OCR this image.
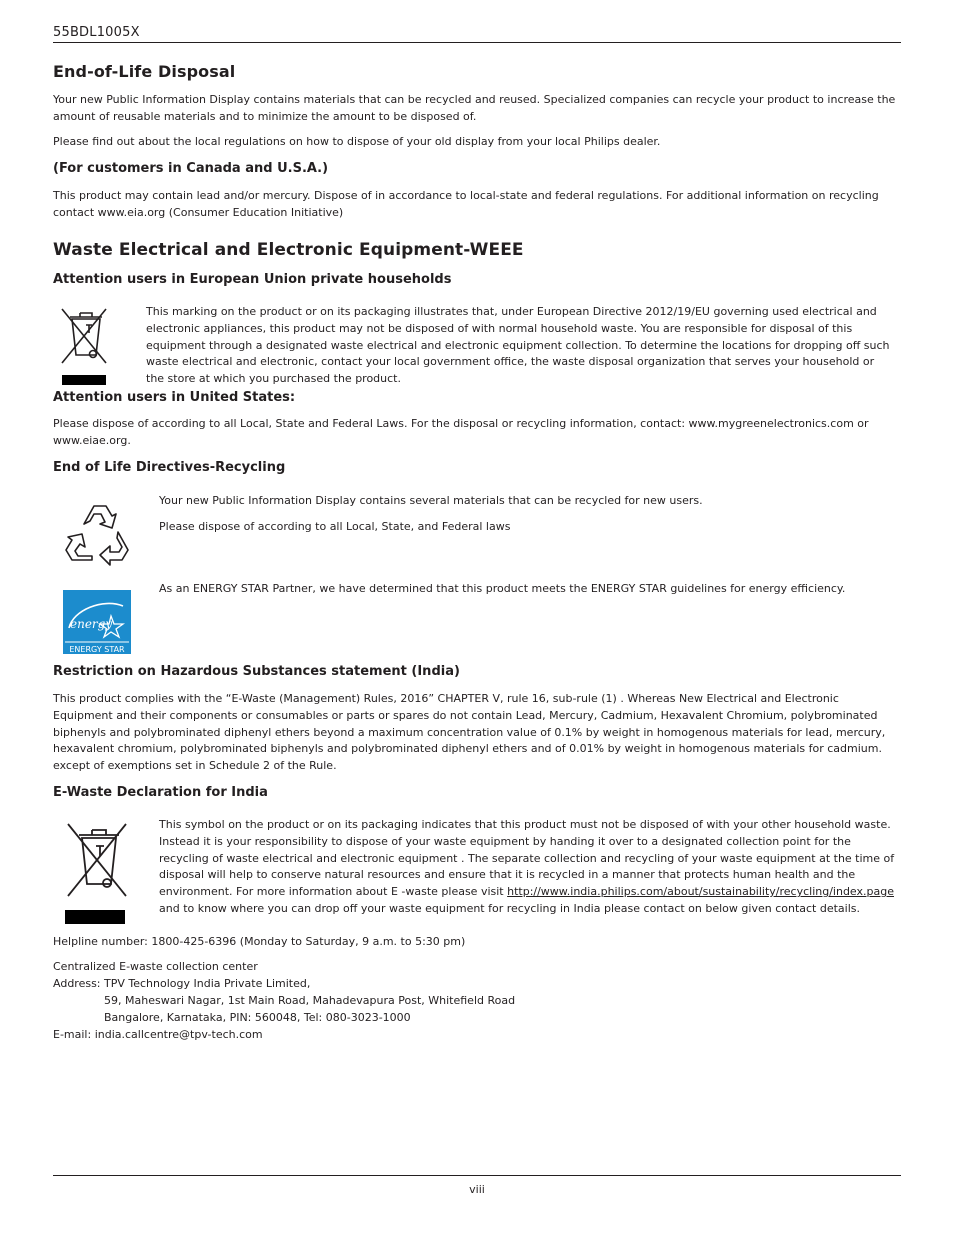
55BDL1005X
End-of-Life Disposal

Your new Public Information Display contains materials that can be recycled and reused. Specialized companies can recycle your product to increase the amount of reusable materials and to minimize the amount to be disposed of.

Please find out about the local regulations on how to dispose of your old display from your local Philips dealer.

(For customers in Canada and U.S.A.)

This product may contain lead and/or mercury. Dispose of in accordance to local-state and federal regulations. For additional information on recycling contact www.eia.org (Consumer Education Initiative)

Waste Electrical and Electronic Equipment-WEEE
Attention users in European Union private households

This marking on the product or on its packaging illustrates that, under European Directive 2012/19/EU governing used electrical and electronic appliances, this product may not be disposed of with normal household waste. You are responsible for disposal of this equipment through a designated waste electrical and electronic equipment collection. To determine the locations for dropping off such waste electrical and electronic, contact your local government office, the waste disposal organization that serves your household or the store at which you purchased the product.

Attention users in United States:

Please dispose of according to all Local, State and Federal Laws. For the disposal or recycling information, contact: www.mygreenelectronics.com or www.eiae.org.

End of Life Directives-Recycling

Your new Public Information Display contains several materials that can be recycled for new users.

Please dispose of according to all Local, State, and Federal laws

energy
ENERGY STAR

As an ENERGY STAR Partner, we have determined that this product meets the ENERGY STAR guidelines for energy efficiency.

Restriction on Hazardous Substances statement (India)

This product complies with the “E-Waste (Management) Rules, 2016” CHAPTER V, rule 16, sub-rule (1) . Whereas New Electrical and Electronic Equipment and their components or consumables or parts or spares do not contain Lead, Mercury, Cadmium, Hexavalent Chromium, polybrominated biphenyls and polybrominated diphenyl ethers beyond a maximum concentration value of 0.1% by weight in homogenous materials for lead, mercury, hexavalent chromium, polybrominated biphenyls and polybrominated diphenyl ethers and of 0.01% by weight in homogenous materials for cadmium. except of exemptions set in Schedule 2 of the Rule.

E-Waste Declaration for India

This symbol on the product or on its packaging indicates that this product must not be disposed of with your other household waste. Instead it is your responsibility to dispose of your waste equipment by handing it over to a designated collection point for the recycling of waste electrical and electronic equipment . The separate collection and recycling of your waste equipment at the time of disposal will help to conserve natural resources and ensure that it is recycled in a manner that protects human health and the environment. For more information about E -waste please visit http://www.india.philips.com/about/sustainability/recycling/index.page and to know where you can drop off your waste equipment for recycling in India please contact on below given contact details.

Helpline number: 1800-425-6396 (Monday to Saturday, 9 a.m. to 5:30 pm)

Centralized E-waste collection center

Address: TPV Technology India Private Limited,

59, Maheswari Nagar, 1st Main Road, Mahadevapura Post, Whitefield Road

Bangalore, Karnataka, PIN: 560048, Tel: 080-3023-1000

E-mail: india.callcentre@tpv-tech.com

viii
